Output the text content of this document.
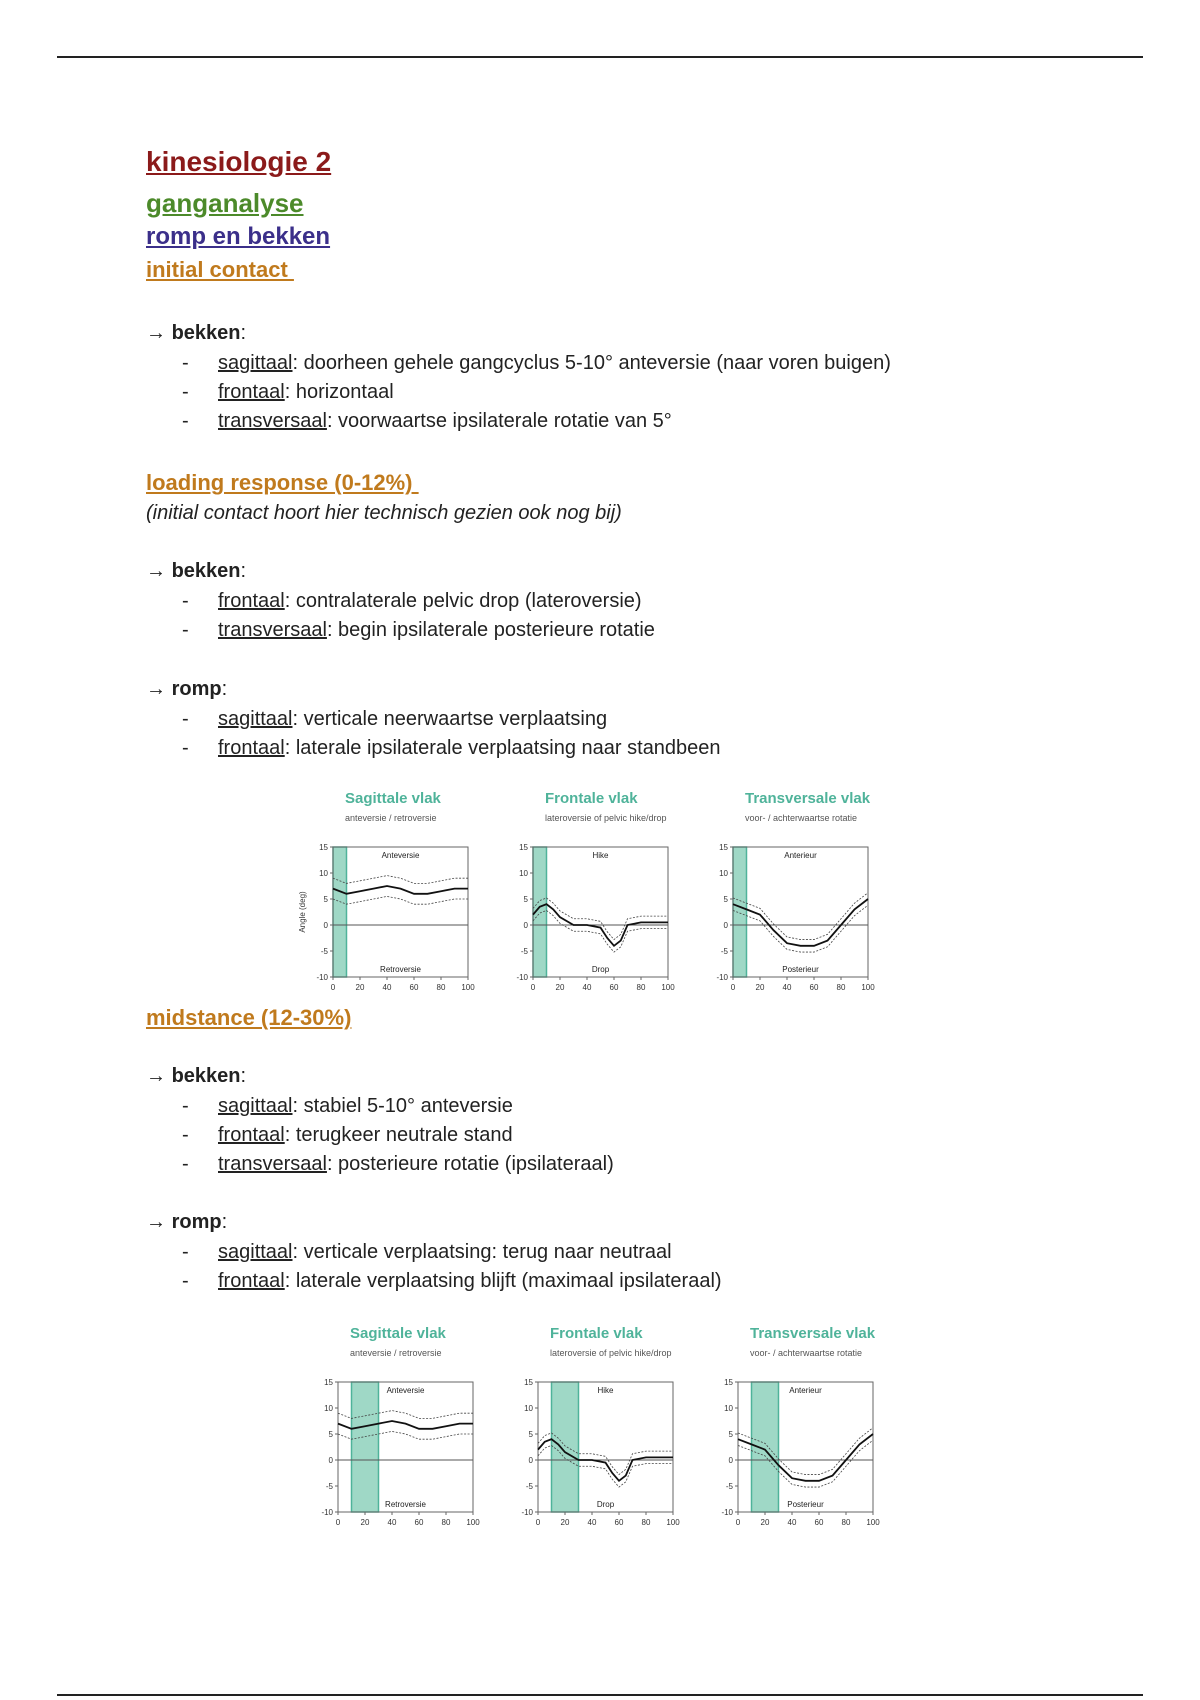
kinesiologie 2
ganganalyse
romp en bekken
initial contact
→ bekken:
- sagittaal: doorheen gehele gangcyclus 5-10° anteversie (naar voren buigen)
- frontaal: horizontaal
- transversaal: voorwaartse ipsilaterale rotatie van 5°
loading response (0-12%)
(initial contact hoort hier technisch gezien ook nog bij)
→ bekken:
- frontaal: contralaterale pelvic drop (lateroversie)
- transversaal: begin ipsilaterale posterieure rotatie
→ romp:
- sagittaal: verticale neerwaartse verplaatsing
- frontaal: laterale ipsilaterale verplaatsing naar standbeen
midstance (12-30%)
→ bekken:
- sagittaal: stabiel 5-10° anteversie
- frontaal: terugkeer neutrale stand
- transversaal: posterieure rotatie (ipsilateraal)
→ romp:
- sagittaal: verticale verplaatsing: terug naar neutraal
- frontaal: laterale verplaatsing blijft (maximaal ipsilateraal)
Sagittale vlak
anteversie / retroversie
15
10
5
0
-5
-10
0	20 40 60 80 100
Angle (deg)
Anteversie
Retroversie
Frontale vlak
lateroversie of pelvic hike/drop
15
10
5
0
-5
-10
0	20 40 60 80 100
Hike
Drop
Transversale vlak
voor- / achterwaartse rotatie
15
10
5
0
-5
-10
0	20 40 60 80 100
Anterieur
Posterieur
Sagittale vlak
anteversie / retroversie
15
10
5
0
-5
-10
0	20 40 60 80 100
Anteversie
Retroversie
Frontale vlak
lateroversie of pelvic hike/drop
15
10
5
0
-5
-10
0	20 40 60 80 100
Hike
Drop
Transversale vlak
voor- / achterwaartse rotatie
15
10
5
0
-5
-10
0	20 40 60 80 100
Anterieur
Posterieur
